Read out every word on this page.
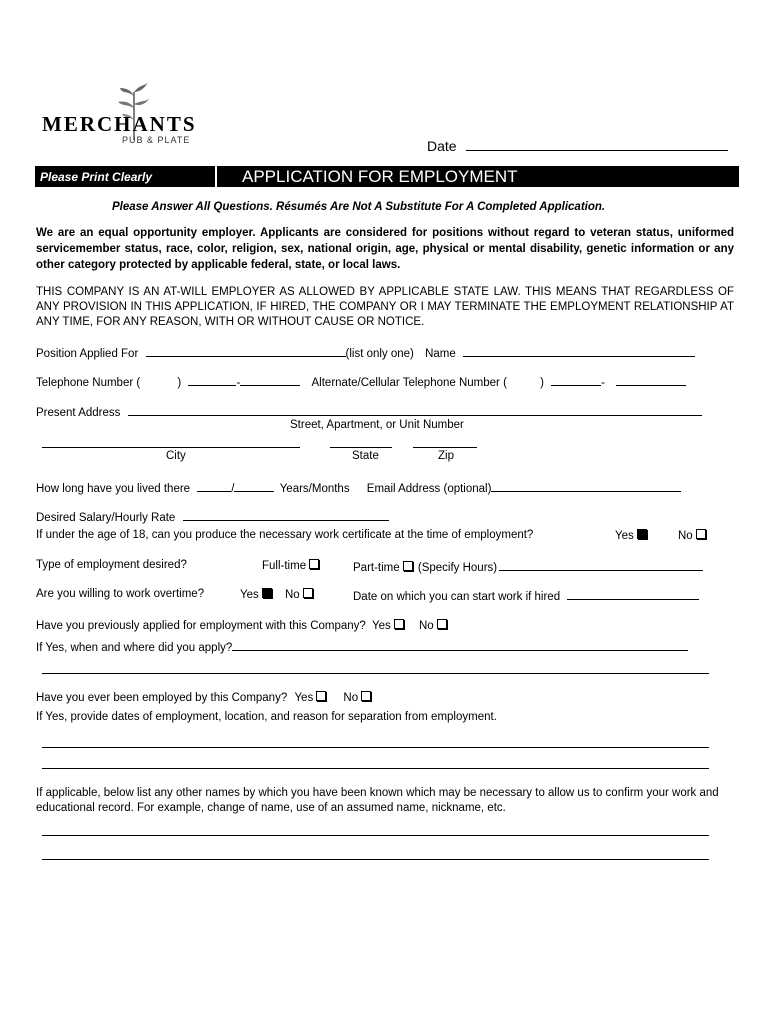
MERCHANTS
PUB & PLATE	Date
Please Print Clearly	APPLICATION FOR EMPLOYMENT
Please Answer All Questions. Résumés Are Not A Substitute For A Completed Application.
We are an equal opportunity employer. Applicants are considered for positions without regard to veteran status, uniformed servicemember status, race, color, religion, sex, national origin, age, physical or mental disability, genetic information or any other category protected by applicable federal, state, or local laws.
THIS COMPANY IS AN AT-WILL EMPLOYER AS ALLOWED BY APPLICABLE STATE LAW. THIS MEANS THAT REGARDLESS OF ANY PROVISION IN THIS APPLICATION, IF HIRED, THE COMPANY OR I MAY TERMINATE THE EMPLOYMENT RELATIONSHIP AT ANY TIME, FOR ANY REASON, WITH OR WITHOUT CAUSE OR NOTICE.
Position Applied For	(list only one) Name
Telephone Number (	)	-	Alternate/Cellular Telephone Number (	)	-
Present Address
Street, Apartment, or Unit Number
City	State	Zip
How long have you lived there	/	Years/Months Email Address (optional)
Desired Salary/Hourly Rate
If under the age of 18, can you produce the necessary work certificate at the time of employment?	Yes	No
Type of employment desired?	Full-time	Part-time (Specify Hours)
Are you willing to work overtime?	Yes	No	Date on which you can start work if hired
Have you previously applied for employment with this Company? Yes No
If Yes, when and where did you apply?
Have you ever been employed by this Company? Yes	No
If Yes, provide dates of employment, location, and reason for separation from employment.
If applicable, below list any other names by which you have been known which may be necessary to allow us to confirm your work and educational record. For example, change of name, use of an assumed name, nickname, etc.
